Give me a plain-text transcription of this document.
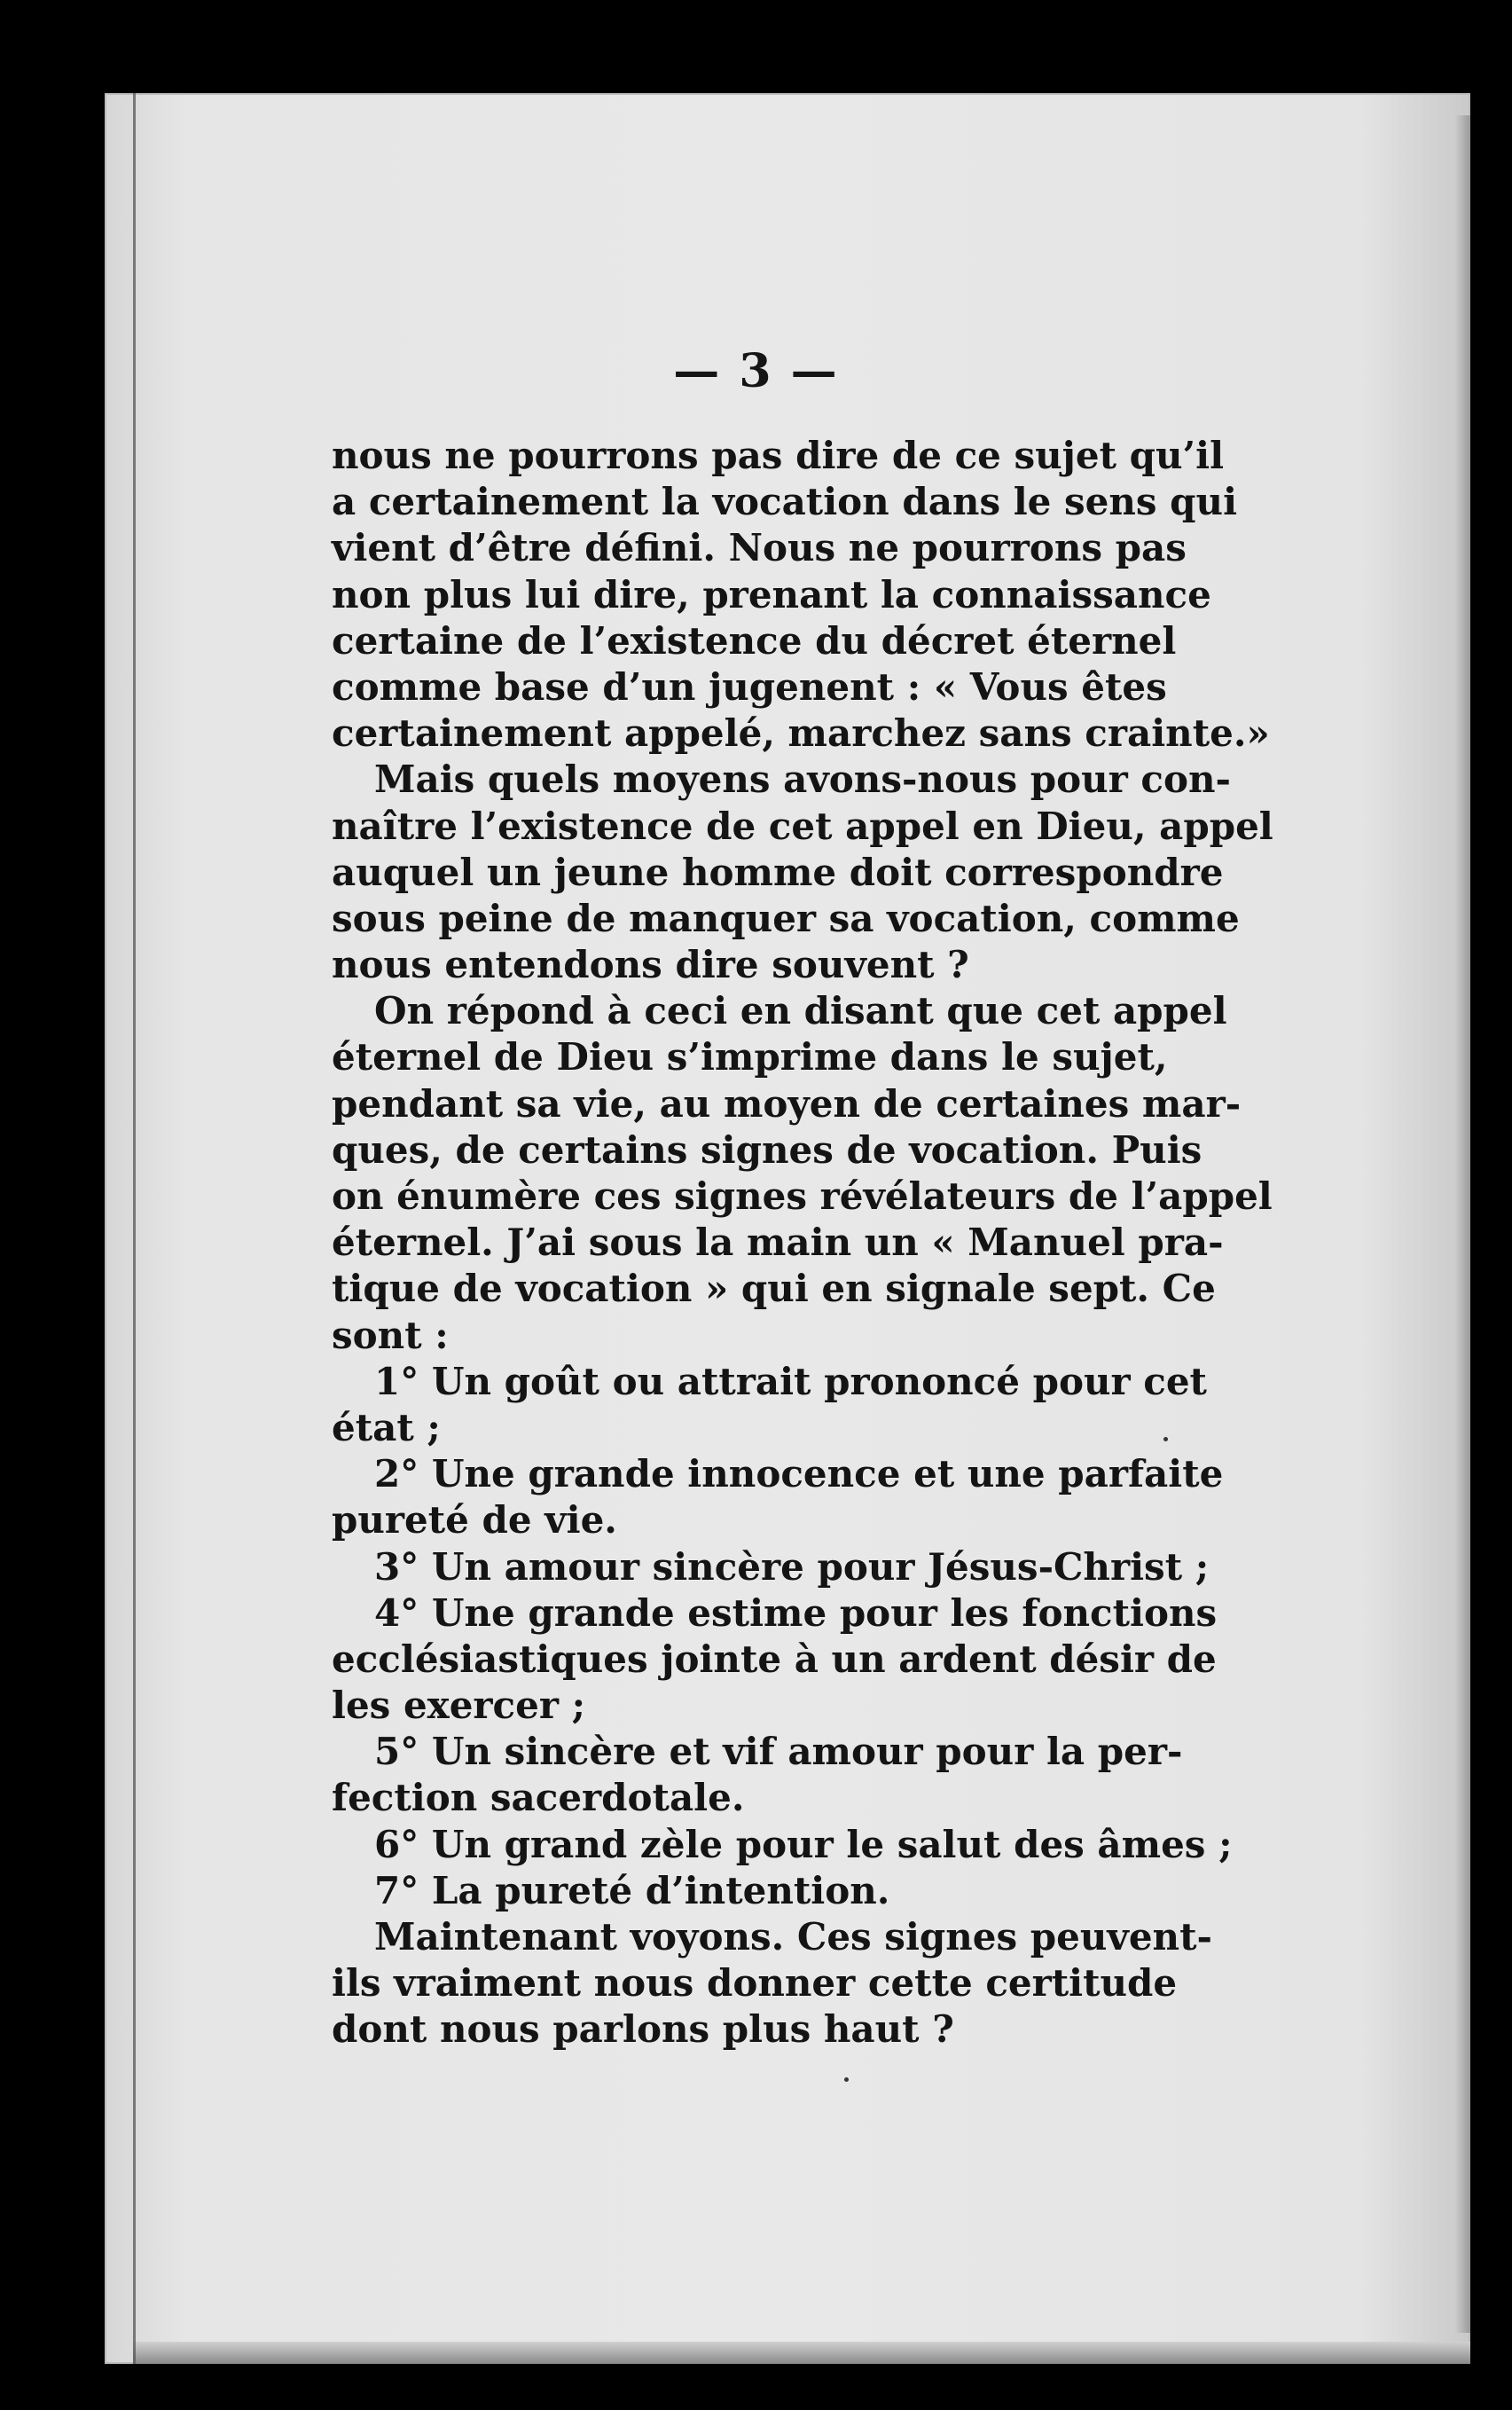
— 3 —
nous ne pourrons pas dire de ce sujet qu’il
a certainement la vocation dans le sens qui
vient d’être défini. Nous ne pourrons pas
non plus lui dire, prenant la connaissance
certaine de l’existence du décret éternel
comme base d’un jugenent : « Vous êtes
certainement appelé, marchez sans crainte.»
Mais quels moyens avons-nous pour con-
naître l’existence de cet appel en Dieu, appel
auquel un jeune homme doit correspondre
sous peine de manquer sa vocation, comme
nous entendons dire souvent ?
On répond à ceci en disant que cet appel
éternel de Dieu s’imprime dans le sujet,
pendant sa vie, au moyen de certaines mar-
ques, de certains signes de vocation. Puis
on énumère ces signes révélateurs de l’appel
éternel. J’ai sous la main un « Manuel pra-
tique de vocation » qui en signale sept. Ce
sont :
1° Un goût ou attrait prononcé pour cet
état ;
2° Une grande innocence et une parfaite
pureté de vie.
3° Un amour sincère pour Jésus-Christ ;
4° Une grande estime pour les fonctions
ecclésiastiques jointe à un ardent désir de
les exercer ;
5° Un sincère et vif amour pour la per-
fection sacerdotale.
6° Un grand zèle pour le salut des âmes ;
7° La pureté d’intention.
Maintenant voyons. Ces signes peuvent-
ils vraiment nous donner cette certitude
dont nous parlons plus haut ?
